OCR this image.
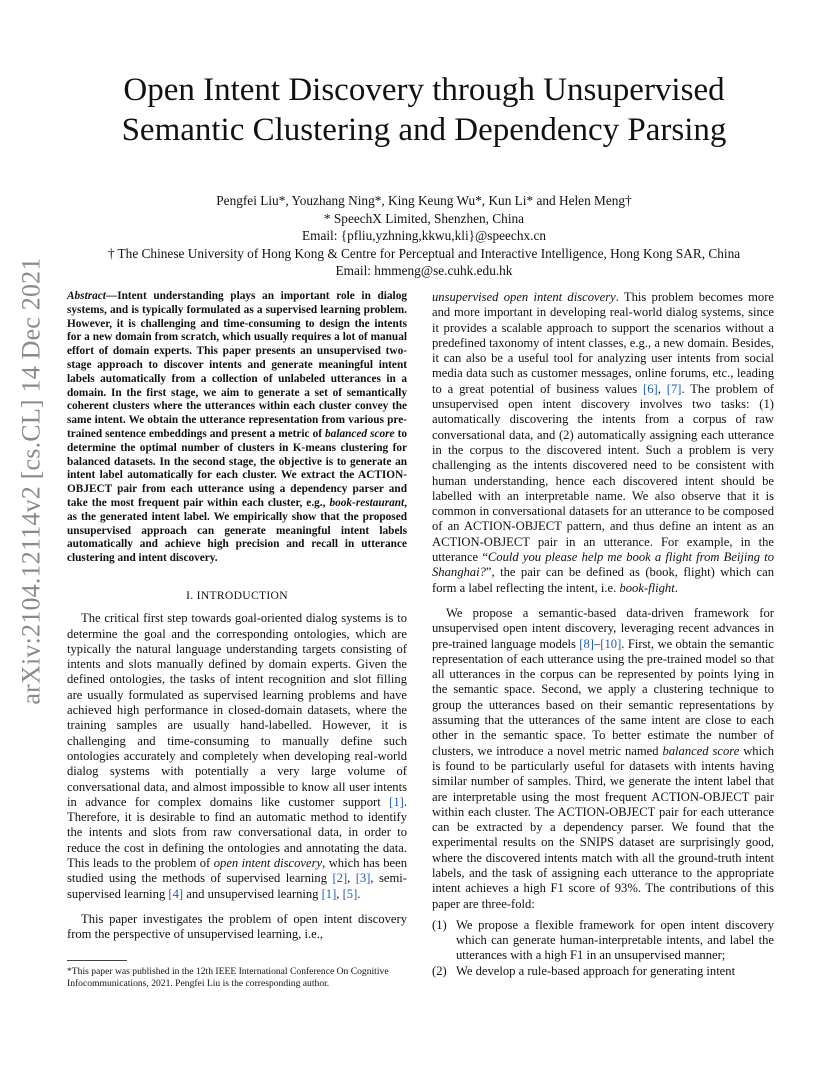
arXiv:2104.12114v2 [cs.CL] 14 Dec 2021
Open Intent Discovery through Unsupervised
Semantic Clustering and Dependency Parsing
Pengfei Liu*, Youzhang Ning*, King Keung Wu*, Kun Li* and Helen Meng†
* SpeechX Limited, Shenzhen, China
Email: {pfliu,yzhning,kkwu,kli}@speechx.cn
† The Chinese University of Hong Kong & Centre for Perceptual and Interactive Intelligence, Hong Kong SAR, China
Email: hmmeng@se.cuhk.edu.hk
Abstract—Intent understanding plays an important role in dialog systems, and is typically formulated as a supervised learning problem. However, it is challenging and time-consuming to design the intents for a new domain from scratch, which usually requires a lot of manual effort of domain experts. This paper presents an unsupervised two-stage approach to discover intents and generate meaningful intent labels automatically from a collection of unlabeled utterances in a domain. In the first stage, we aim to generate a set of semantically coherent clusters where the utterances within each cluster convey the same intent. We obtain the utterance representation from various pre-trained sentence embeddings and present a metric of balanced score to determine the optimal number of clusters in K-means clustering for balanced datasets. In the second stage, the objective is to generate an intent label automatically for each cluster. We extract the ACTION-OBJECT pair from each utterance using a dependency parser and take the most frequent pair within each cluster, e.g., book-restaurant, as the generated intent label. We empirically show that the proposed unsupervised approach can generate meaningful intent labels automatically and achieve high precision and recall in utterance clustering and intent discovery.
I. INTRODUCTION

The critical first step towards goal-oriented dialog systems is to determine the goal and the corresponding ontologies, which are typically the natural language understanding targets consisting of intents and slots manually defined by domain experts. Given the defined ontologies, the tasks of intent recognition and slot filling are usually formulated as supervised learning problems and have achieved high performance in closed-domain datasets, where the training samples are usually hand-labelled. However, it is challenging and time-consuming to manually define such ontologies accurately and completely when developing real-world dialog systems with potentially a very large volume of conversational data, and almost impossible to know all user intents in advance for complex domains like customer support [1]. Therefore, it is desirable to find an automatic method to identify the intents and slots from raw conversational data, in order to reduce the cost in defining the ontologies and annotating the data. This leads to the problem of open intent discovery, which has been studied using the methods of supervised learning [2], [3], semi-supervised learning [4] and unsupervised learning [1], [5].

This paper investigates the problem of open intent discovery from the perspective of unsupervised learning, i.e.,

*This paper was published in the 12th IEEE International Conference On Cognitive Infocommunications, 2021. Pengfei Liu is the corresponding author.

unsupervised open intent discovery. This problem becomes more and more important in developing real-world dialog systems, since it provides a scalable approach to support the scenarios without a predefined taxonomy of intent classes, e.g., a new domain. Besides, it can also be a useful tool for analyzing user intents from social media data such as customer messages, online forums, etc., leading to a great potential of business values [6], [7]. The problem of unsupervised open intent discovery involves two tasks: (1) automatically discovering the intents from a corpus of raw conversational data, and (2) automatically assigning each utterance in the corpus to the discovered intent. Such a problem is very challenging as the intents discovered need to be consistent with human understanding, hence each discovered intent should be labelled with an interpretable name. We also observe that it is common in conversational datasets for an utterance to be composed of an ACTION-OBJECT pattern, and thus define an intent as an ACTION-OBJECT pair in an utterance. For example, in the utterance “Could you please help me book a flight from Beijing to Shanghai?”, the pair can be defined as (book, flight) which can form a label reflecting the intent, i.e. book-flight.

We propose a semantic-based data-driven framework for unsupervised open intent discovery, leveraging recent advances in pre-trained language models [8]–[10]. First, we obtain the semantic representation of each utterance using the pre-trained model so that all utterances in the corpus can be represented by points lying in the semantic space. Second, we apply a clustering technique to group the utterances based on their semantic representations by assuming that the utterances of the same intent are close to each other in the semantic space. To better estimate the number of clusters, we introduce a novel metric named balanced score which is found to be particularly useful for datasets with intents having similar number of samples. Third, we generate the intent label that are interpretable using the most frequent ACTION-OBJECT pair within each cluster. The ACTION-OBJECT pair for each utterance can be extracted by a dependency parser. We found that the experimental results on the SNIPS dataset are surprisingly good, where the discovered intents match with all the ground-truth intent labels, and the task of assigning each utterance to the appropriate intent achieves a high F1 score of 93%. The contributions of this paper are three-fold:

(1) We propose a flexible framework for open intent discovery which can generate human-interpretable intents, and label the utterances with a high F1 in an unsupervised manner;
(2) We develop a rule-based approach for generating intent
